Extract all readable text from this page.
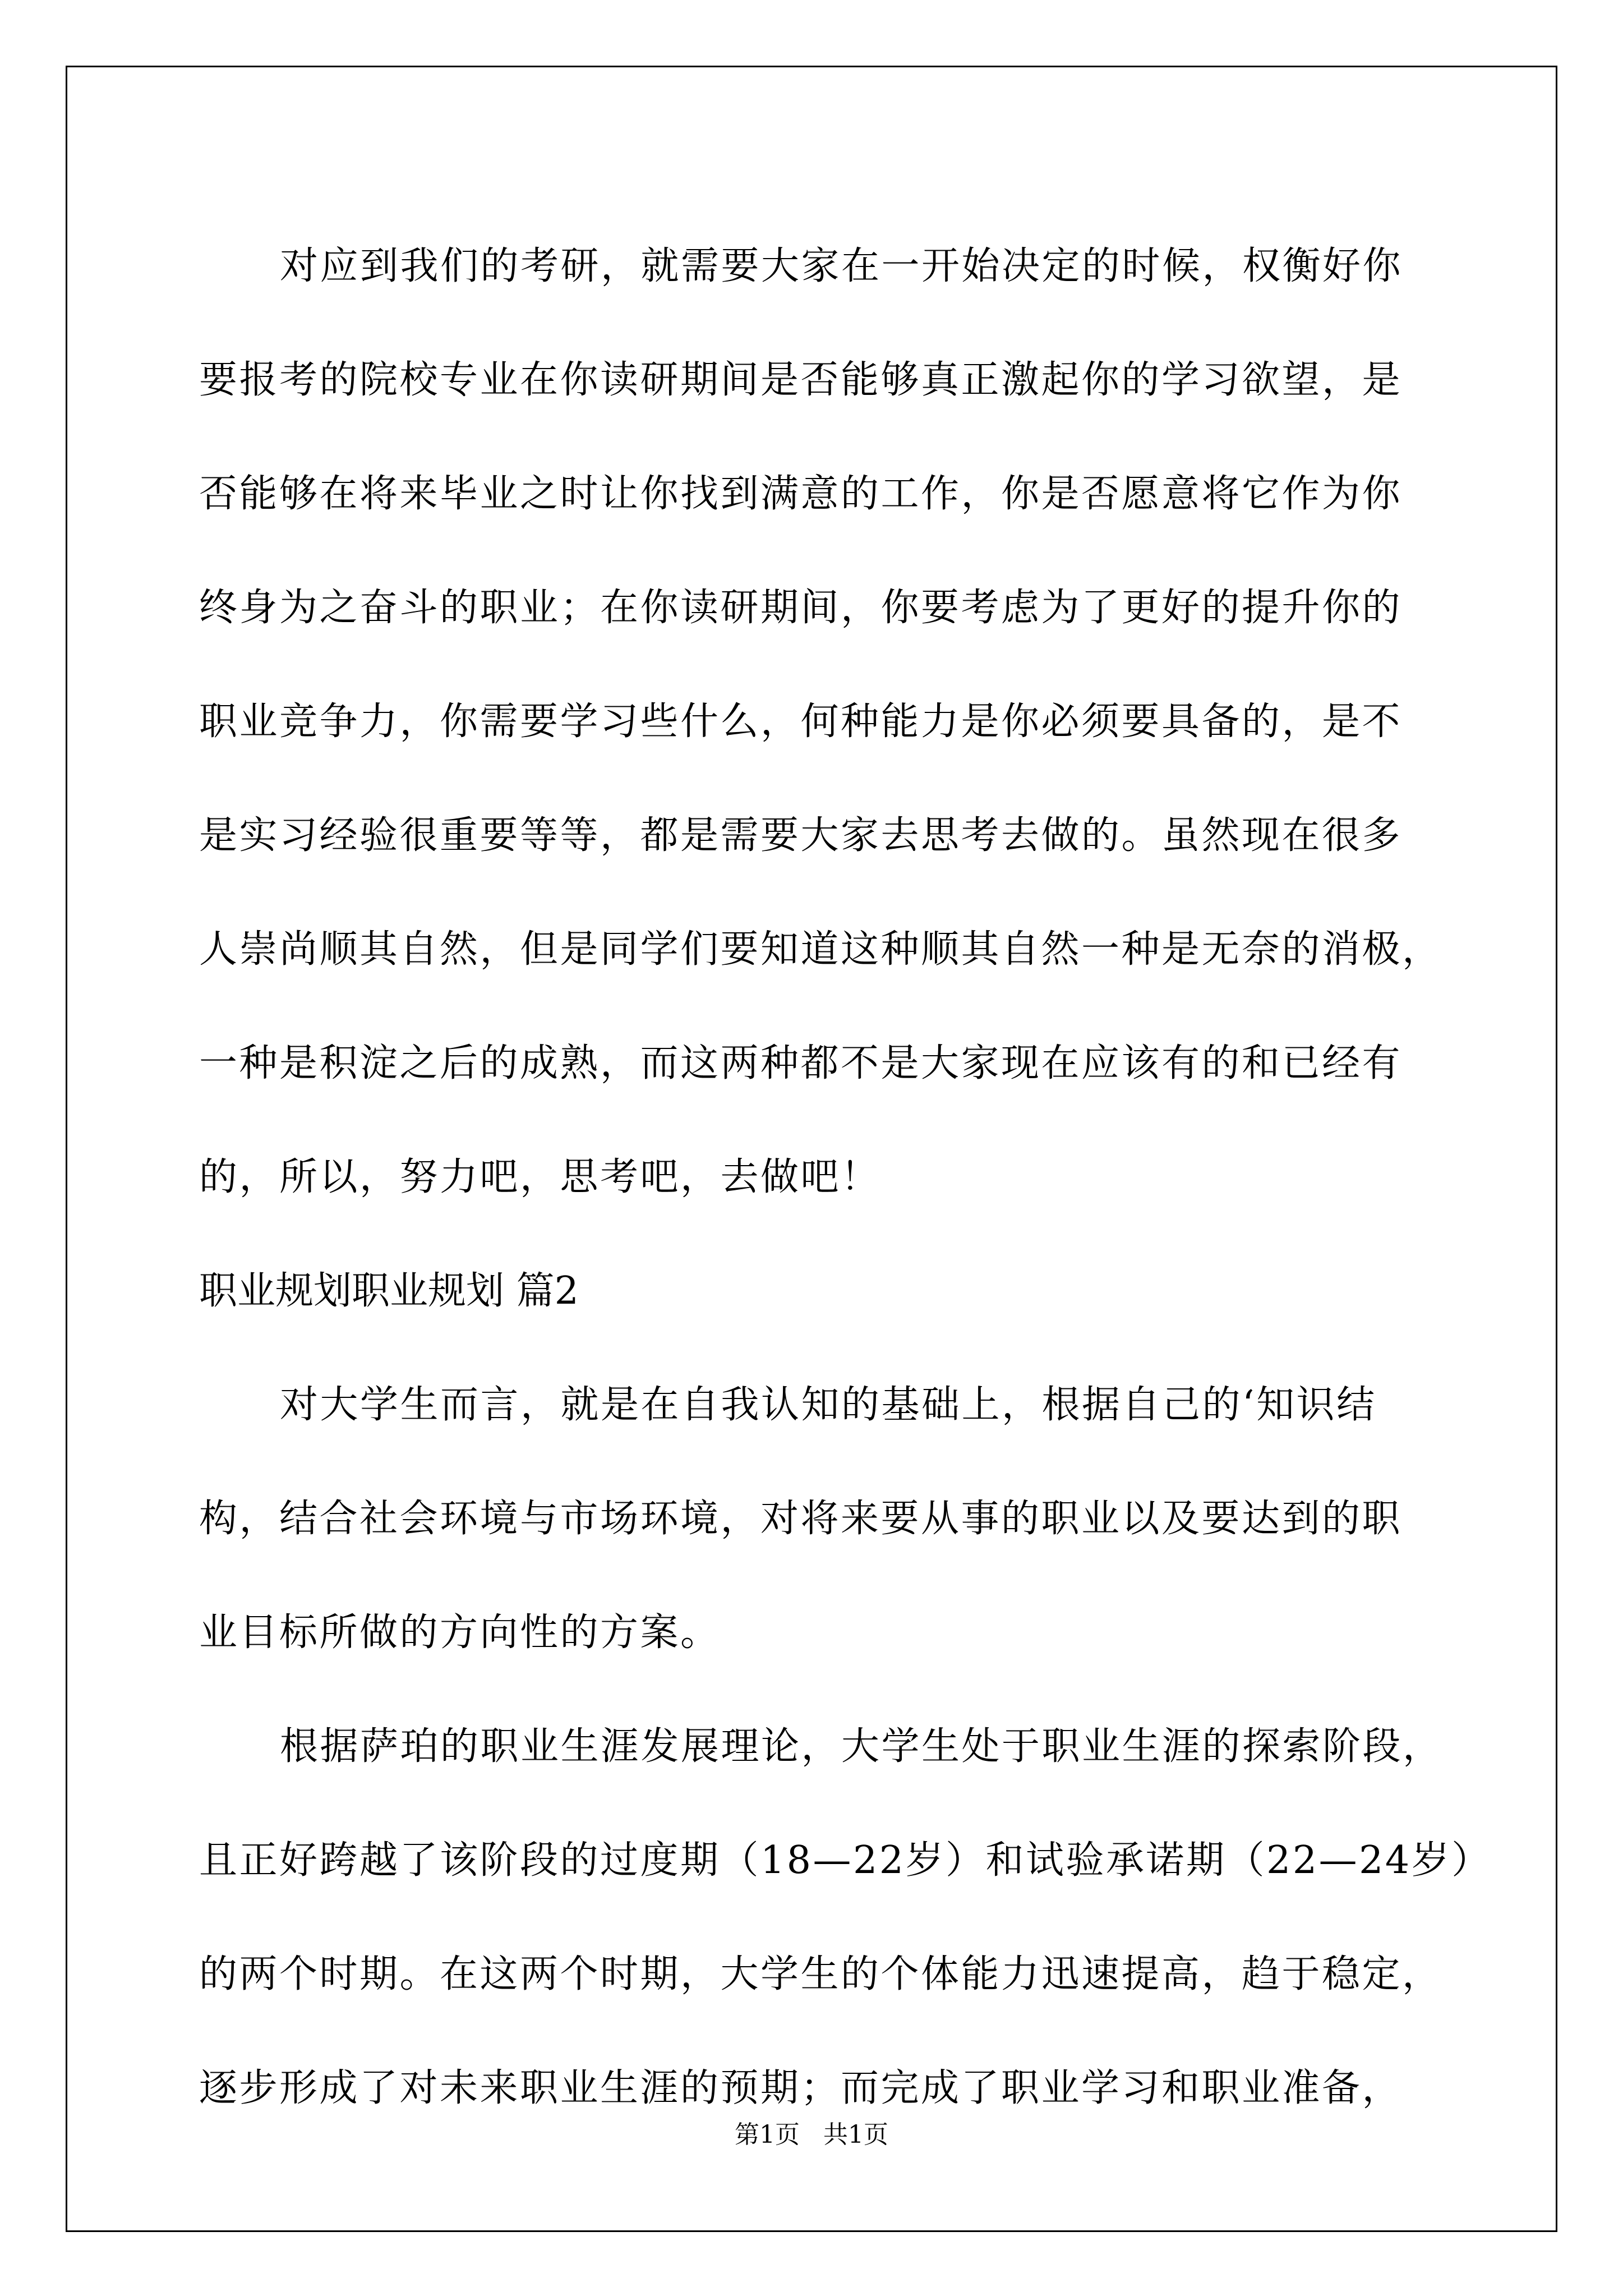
对应到我们的考研，就需要大家在一开始决定的时候，权衡好你
要报考的院校专业在你读研期间是否能够真正激起你的学习欲望，是
否能够在将来毕业之时让你找到满意的工作，你是否愿意将它作为你
终身为之奋斗的职业；在你读研期间，你要考虑为了更好的提升你的
职业竞争力，你需要学习些什么，何种能力是你必须要具备的，是不
是实习经验很重要等等，都是需要大家去思考去做的。虽然现在很多
人崇尚顺其自然，但是同学们要知道这种顺其自然一种是无奈的消极，
一种是积淀之后的成熟，而这两种都不是大家现在应该有的和已经有
的，所以，努力吧，思考吧，去做吧！
职业规划职业规划 篇2
对大学生而言，就是在自我认知的基础上，根据自己的‘知识结
构，结合社会环境与市场环境，对将来要从事的职业以及要达到的职
业目标所做的方向性的方案。
根据萨珀的职业生涯发展理论，大学生处于职业生涯的探索阶段，
且正好跨越了该阶段的过度期（18—22岁）和试验承诺期（22—24岁）
的两个时期。在这两个时期，大学生的个体能力迅速提高，趋于稳定，
逐步形成了对未来职业生涯的预期；而完成了职业学习和职业准备，
第1页   共1页
